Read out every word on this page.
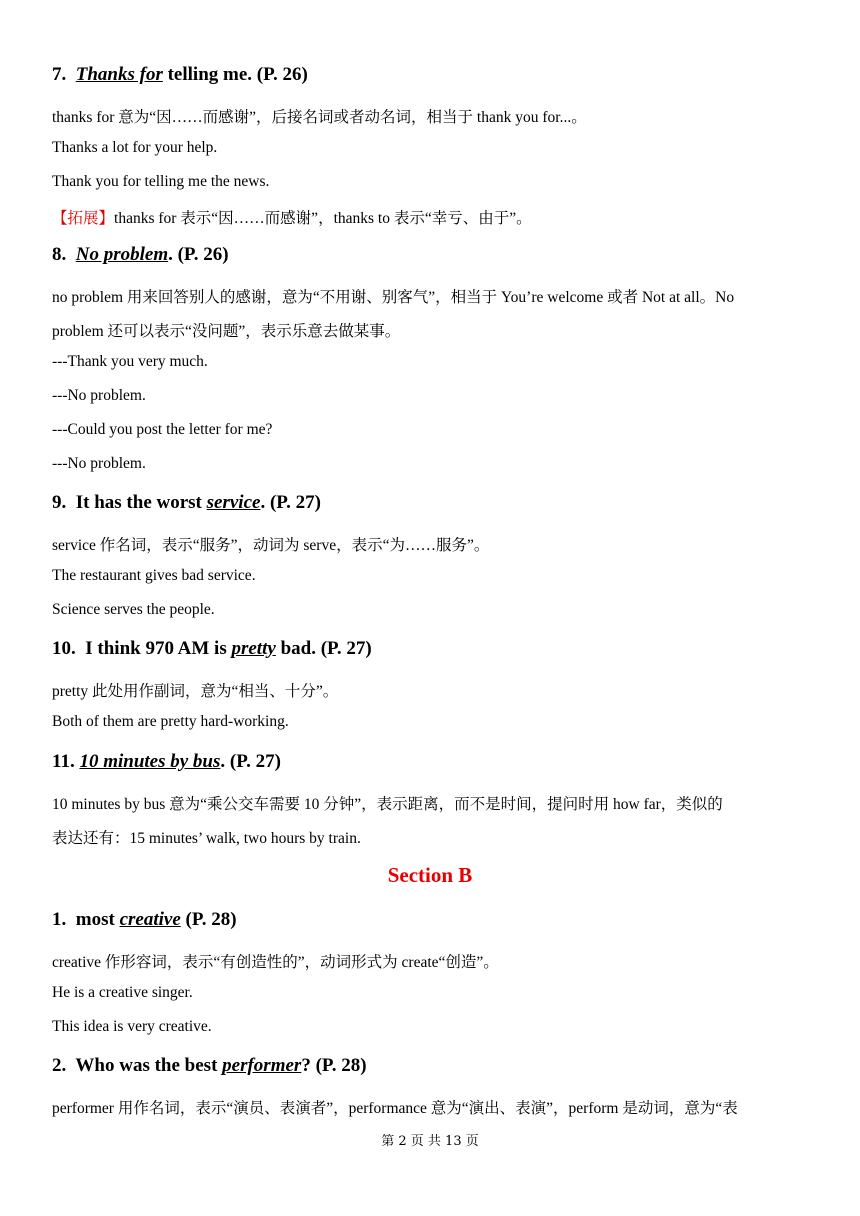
7. Thanks for telling me. (P. 26)
thanks for 意为“因……而感谢”，后接名词或者动名词，相当于 thank you for...。
Thanks a lot for your help.
Thank you for telling me the news.
【拓展】thanks for 表示“因……而感谢”，thanks to 表示“幸亏、由于”。
8. No problem. (P. 26)
no problem 用来回答别人的感谢，意为“不用谢、别客气”，相当于 You’re welcome 或者 Not at all。No
problem 还可以表示“没问题”，表示乐意去做某事。
---Thank you very much.
---No problem.
---Could you post the letter for me?
---No problem.
9. It has the worst service. (P. 27)
service 作名词，表示“服务”，动词为 serve，表示“为……服务”。
The restaurant gives bad service.
Science serves the people.
10. I think 970 AM is pretty bad. (P. 27)
pretty 此处用作副词，意为“相当、十分”。
Both of them are pretty hard-working.
11. 10 minutes by bus. (P. 27)
10 minutes by bus 意为“乘公交车需要 10 分钟”，表示距离，而不是时间，提问时用 how far，类似的
表达还有：15 minutes’ walk, two hours by train.
Section B
1. most creative (P. 28)
creative 作形容词，表示“有创造性的”，动词形式为 create“创造”。
He is a creative singer.
This idea is very creative.
2. Who was the best performer? (P. 28)
performer 用作名词，表示“演员、表演者”，performance 意为“演出、表演”，perform 是动词，意为“表
第 2 页 共 13 页
